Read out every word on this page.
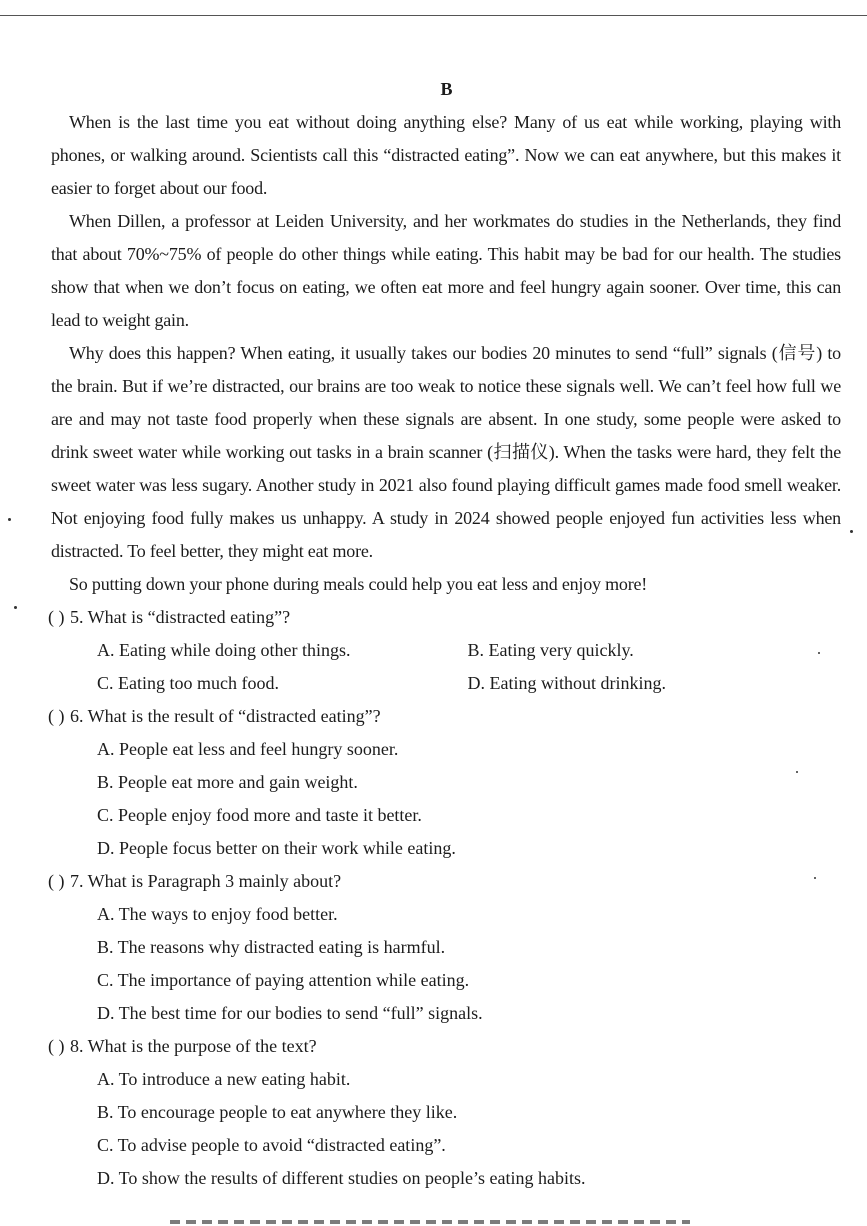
B

When is the last time you eat without doing anything else? Many of us eat while working, playing with phones, or walking around. Scientists call this “distracted eating”. Now we can eat anywhere, but this makes it easier to forget about our food.

When Dillen, a professor at Leiden University, and her workmates do studies in the Netherlands, they find that about 70%~75% of people do other things while eating. This habit may be bad for our health. The studies show that when we don’t focus on eating, we often eat more and feel hungry again sooner. Over time, this can lead to weight gain.

Why does this happen? When eating, it usually takes our bodies 20 minutes to send “full” signals (信号) to the brain. But if we’re distracted, our brains are too weak to notice these signals well. We can’t feel how full we are and may not taste food properly when these signals are absent. In one study, some people were asked to drink sweet water while working out tasks in a brain scanner (扫描仪). When the tasks were hard, they felt the sweet water was less sugary. Another study in 2021 also found playing difficult games made food smell weaker. Not enjoying food fully makes us unhappy. A study in 2024 showed people enjoyed fun activities less when distracted. To feel better, they might eat more.

So putting down your phone during meals could help you eat less and enjoy more!

( ) 5. What is “distracted eating”?
A. Eating while doing other things.	B. Eating very quickly.
C. Eating too much food.	D. Eating without drinking.
( ) 6. What is the result of “distracted eating”?
A. People eat less and feel hungry sooner.
B. People eat more and gain weight.
C. People enjoy food more and taste it better.
D. People focus better on their work while eating.
( ) 7. What is Paragraph 3 mainly about?
A. The ways to enjoy food better.
B. The reasons why distracted eating is harmful.
C. The importance of paying attention while eating.
D. The best time for our bodies to send “full” signals.
( ) 8. What is the purpose of the text?
A. To introduce a new eating habit.
B. To encourage people to eat anywhere they like.
C. To advise people to avoid “distracted eating”.
D. To show the results of different studies on people’s eating habits.
